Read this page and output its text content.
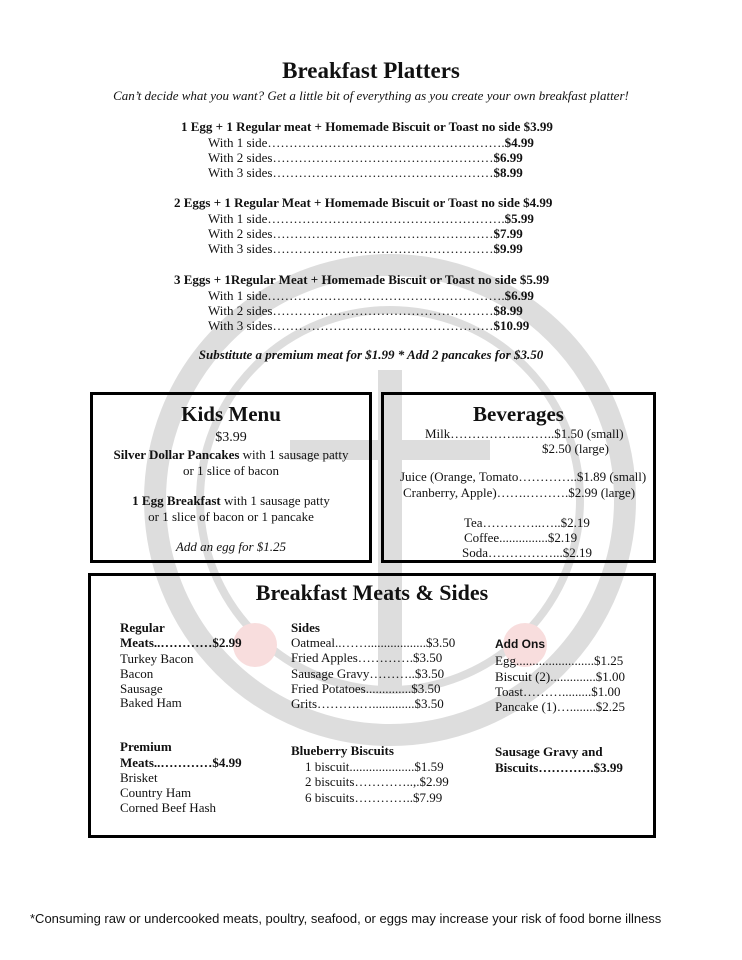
Breakfast Platters
Can’t decide what you want? Get a little bit of everything as you create your own breakfast platter!
1 Egg + 1 Regular meat + Homemade Biscuit or Toast no side $3.99
With 1 side……………………………………………….$4.99
With 2 sides……………………………………………$6.99
With 3 sides……………………………………………$8.99
2 Eggs + 1 Regular Meat + Homemade Biscuit or Toast no side $4.99
With 1 side……………………………………………….$5.99
With 2 sides……………………………………………$7.99
With 3 sides……………………………………………$9.99
3 Eggs + 1Regular Meat + Homemade Biscuit or Toast no side $5.99
With 1 side……………………………………………….$6.99
With 2 sides……………………………………………$8.99
With 3 sides……………………………………………$10.99
Substitute a premium meat for $1.99 * Add 2 pancakes for $3.50
Kids Menu
$3.99
Silver Dollar Pancakes with 1 sausage patty
or 1 slice of bacon
1 Egg Breakfast with 1 sausage patty
or 1 slice of bacon or 1 pancake
Add an egg for $1.25
Beverages
Milk……………..……..$1.50 (small)
$2.50 (large)
Juice (Orange, Tomato…………..$1.89 (small)
Cranberry, Apple)…….……….$2.99 (large)
Tea…………..…..$2.19
Coffee...............$2.19
Soda……………...$2.19
Breakfast Meats & Sides
Regular
Meats..…………$2.99
Turkey Bacon
Bacon
Sausage
Baked Ham
Premium
Meats..…………$4.99
Brisket
Country Ham
Corned Beef Hash
Sides
Oatmeal..……..................$3.50
Fried Apples………….$3.50
Sausage Gravy………..$3.50
Fried Potatoes..............$3.50
Grits……….….............$3.50
Blueberry Biscuits
1 biscuit....................$1.59
2 biscuits…………..,.$2.99
6 biscuits…………..$7.99
Add Ons
Egg........................$1.25
Biscuit (2)..............$1.00
Toast……….........$1.00
Pancake (1)…........$2.25
Sausage Gravy and
Biscuits………….$3.99
*Consuming raw or undercooked meats, poultry, seafood, or eggs may increase your risk of food borne illness
